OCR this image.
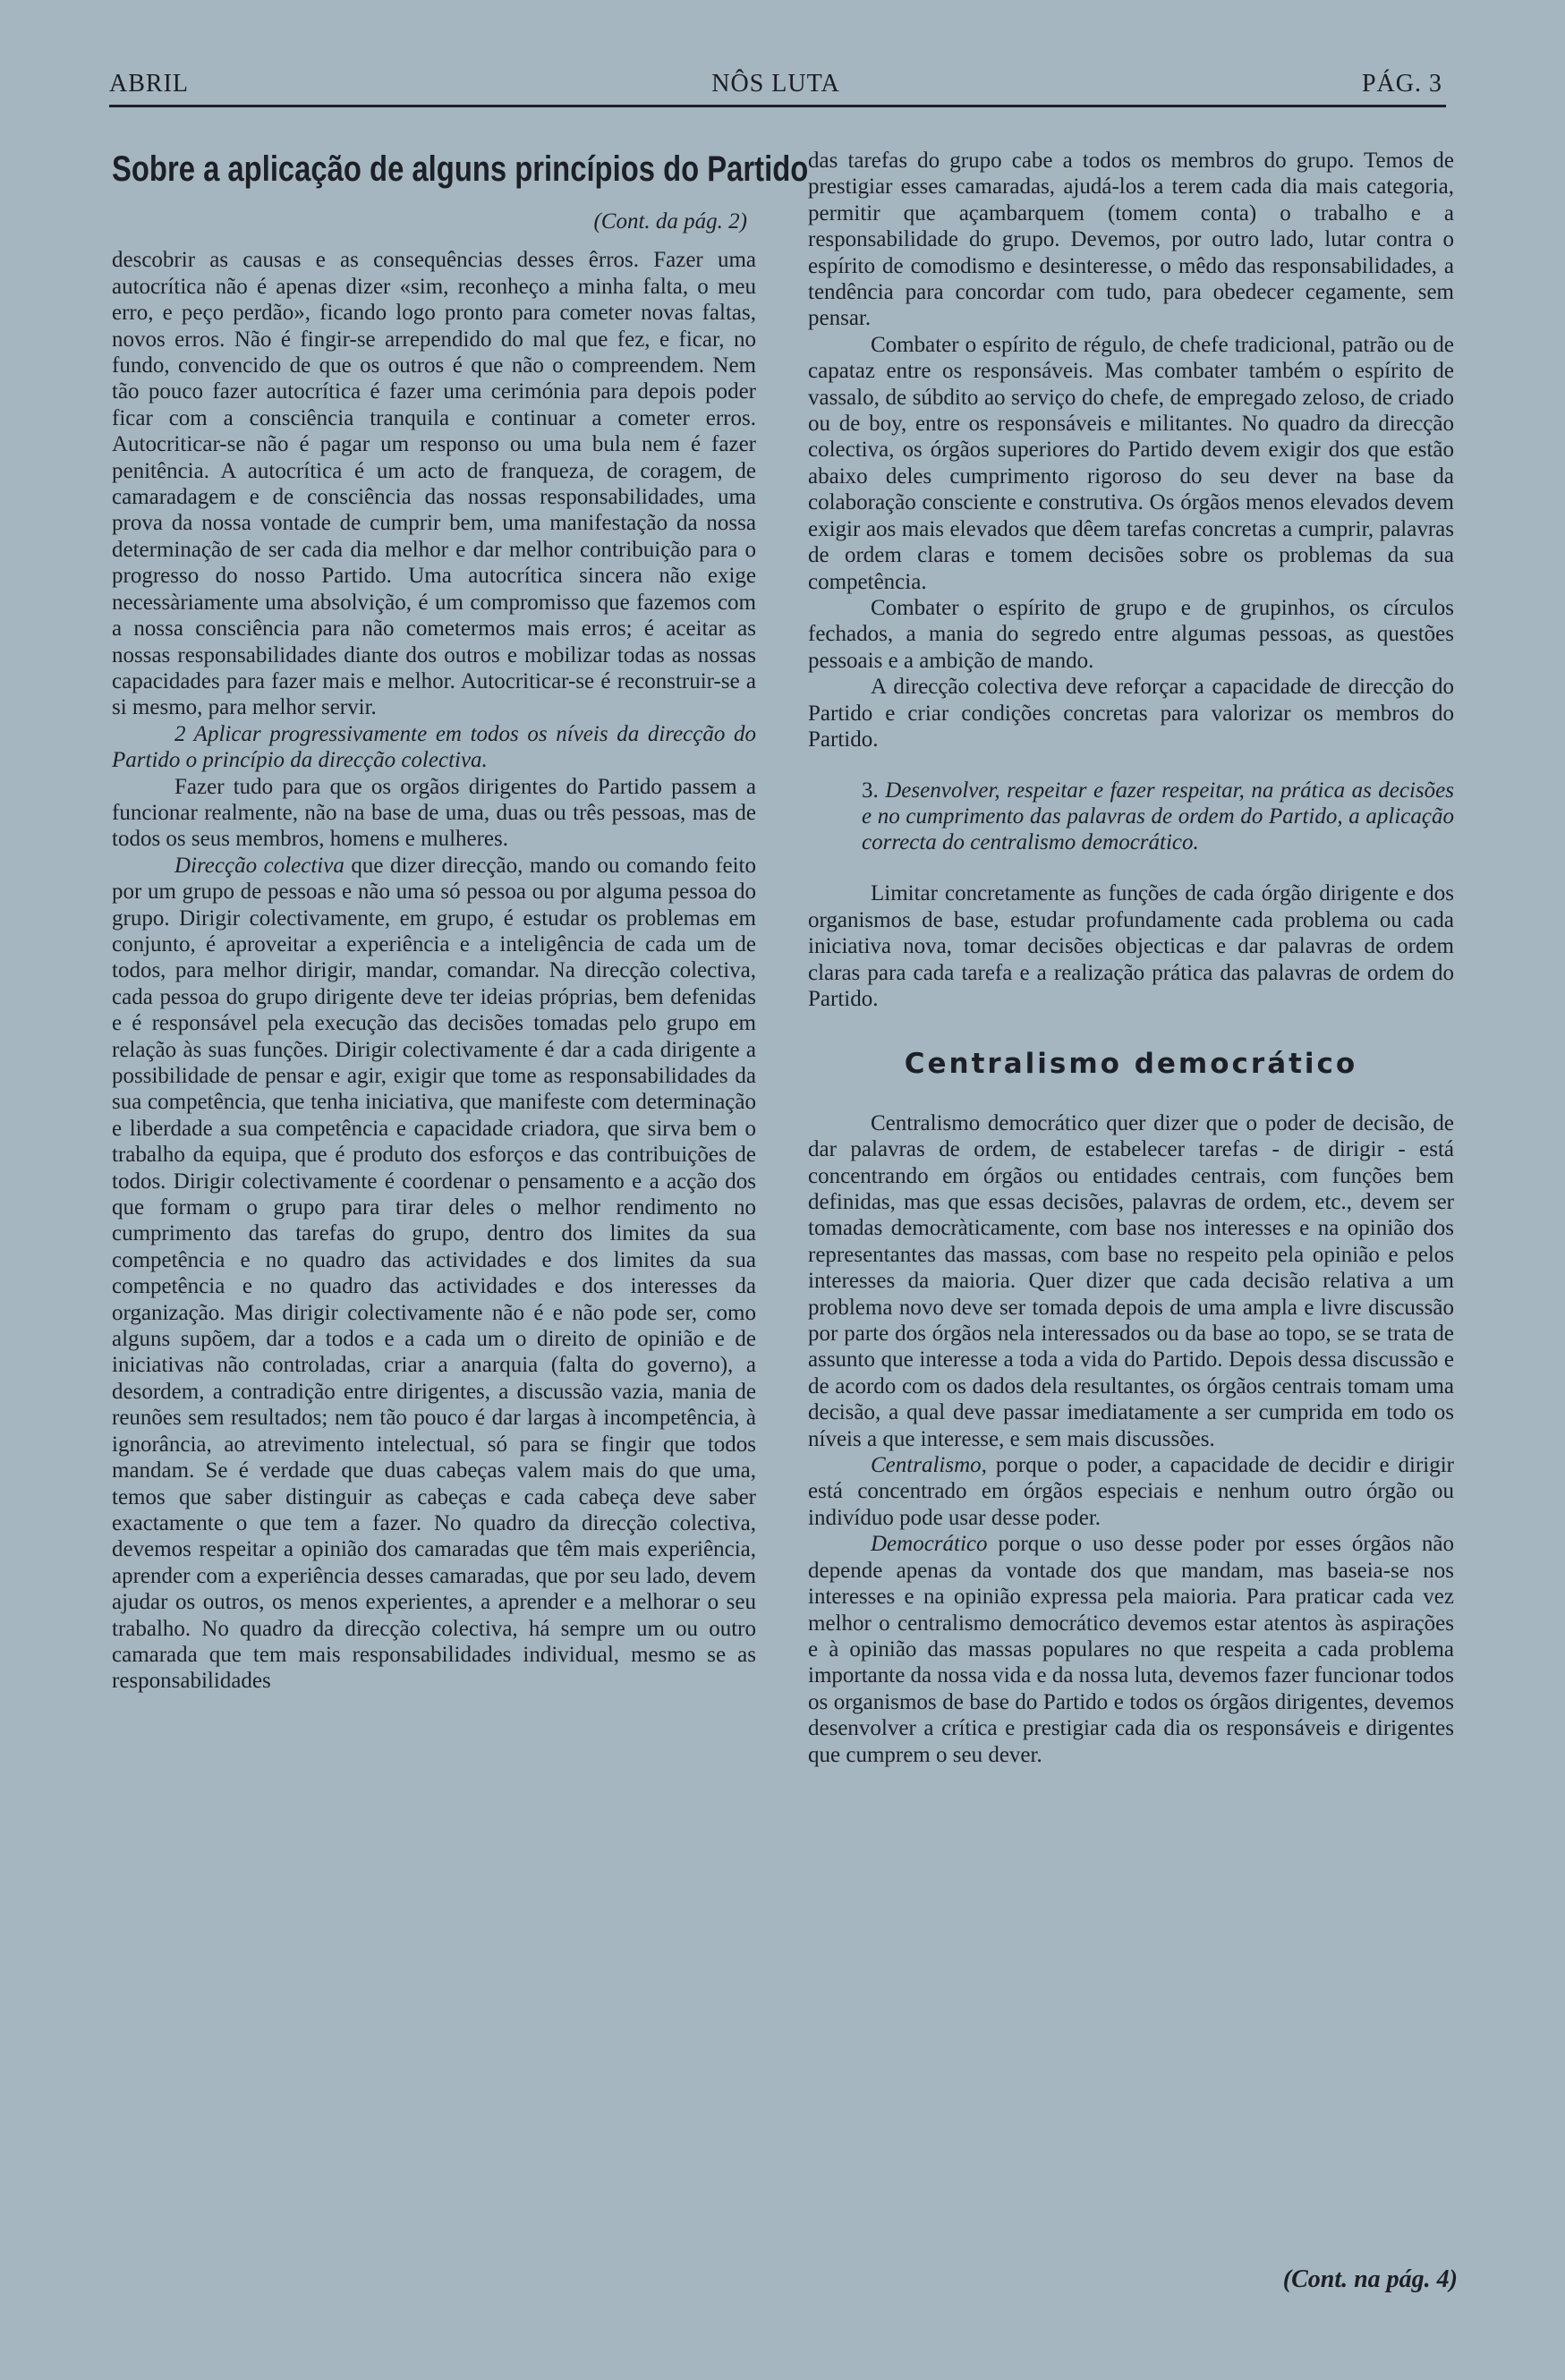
ABRIL	NÔS LUTA	PÁG. 3
Sobre a aplicação de alguns princípios do Partido

(Cont. da pág. 2)

descobrir as causas e as consequências desses êrros. Fazer uma autocrítica não é apenas dizer «sim, reconheço a minha falta, o meu erro, e peço perdão», ficando logo pronto para cometer novas faltas, novos erros. Não é fingir-se arrependido do mal que fez, e ficar, no fundo, convencido de que os outros é que não o compreendem. Nem tão pouco fazer autocrítica é fazer uma cerimónia para depois poder ficar com a consciência tranquila e continuar a cometer erros. Autocriticar-se não é pagar um responso ou uma bula nem é fazer penitência. A autocrítica é um acto de franqueza, de coragem, de camaradagem e de consciência das nossas responsabilidades, uma prova da nossa vontade de cumprir bem, uma manifestação da nossa determinação de ser cada dia melhor e dar melhor contribuição para o progresso do nosso Partido. Uma autocrítica sincera não exige necessàriamente uma absolvição, é um compromisso que fazemos com a nossa consciência para não cometermos mais erros; é aceitar as nossas responsabilidades diante dos outros e mobilizar todas as nossas capacidades para fazer mais e melhor. Autocriticar-se é reconstruir-se a si mesmo, para melhor servir.

2 Aplicar progressivamente em todos os níveis da direcção do Partido o princípio da direcção colectiva.

Fazer tudo para que os orgãos dirigentes do Partido passem a funcionar realmente, não na base de uma, duas ou três pessoas, mas de todos os seus membros, homens e mulheres.

Direcção colectiva que dizer direcção, mando ou comando feito por um grupo de pessoas e não uma só pessoa ou por alguma pessoa do grupo. Dirigir colectivamente, em grupo, é estudar os problemas em conjunto, é aproveitar a experiência e a inteligência de cada um de todos, para melhor dirigir, mandar, comandar. Na direcção colectiva, cada pessoa do grupo dirigente deve ter ideias próprias, bem defenidas e é responsável pela execução das decisões tomadas pelo grupo em relação às suas funções. Dirigir colectivamente é dar a cada dirigente a possibilidade de pensar e agir, exigir que tome as responsabilidades da sua competência, que tenha iniciativa, que manifeste com determinação e liberdade a sua competência e capacidade criadora, que sirva bem o trabalho da equipa, que é produto dos esforços e das contribuições de todos. Dirigir colectivamente é coordenar o pensamento e a acção dos que formam o grupo para tirar deles o melhor rendimento no cumprimento das tarefas do grupo, dentro dos limites da sua competência e no quadro das actividades e dos limites da sua competência e no quadro das actividades e dos interesses da organização. Mas dirigir colectivamente não é e não pode ser, como alguns supõem, dar a todos e a cada um o direito de opinião e de iniciativas não controladas, criar a anarquia (falta do governo), a desordem, a contradição entre dirigentes, a discussão vazia, mania de reunões sem resultados; nem tão pouco é dar largas à incompetência, à ignorância, ao atrevimento intelectual, só para se fingir que todos mandam. Se é verdade que duas cabeças valem mais do que uma, temos que saber distinguir as cabeças e cada cabeça deve saber exactamente o que tem a fazer. No quadro da direcção colectiva, devemos respeitar a opinião dos camaradas que têm mais experiência, aprender com a experiência desses camaradas, que por seu lado, devem ajudar os outros, os menos experientes, a aprender e a melhorar o seu trabalho. No quadro da direcção colectiva, há sempre um ou outro camarada que tem mais responsabilidades individual, mesmo se as responsabilidades

das tarefas do grupo cabe a todos os membros do grupo. Temos de prestigiar esses camaradas, ajudá-los a terem cada dia mais categoria, permitir que açambarquem (tomem conta) o trabalho e a responsabilidade do grupo. Devemos, por outro lado, lutar contra o espírito de comodismo e desinteresse, o mêdo das responsabilidades, a tendência para concordar com tudo, para obedecer cegamente, sem pensar.

Combater o espírito de régulo, de chefe tradicional, patrão ou de capataz entre os responsáveis. Mas combater também o espírito de vassalo, de súbdito ao serviço do chefe, de empregado zeloso, de criado ou de boy, entre os responsáveis e militantes. No quadro da direcção colectiva, os órgãos superiores do Partido devem exigir dos que estão abaixo deles cumprimento rigoroso do seu dever na base da colaboração consciente e construtiva. Os órgãos menos elevados devem exigir aos mais elevados que dêem tarefas concretas a cumprir, palavras de ordem claras e tomem decisões sobre os problemas da sua competência.

Combater o espírito de grupo e de grupinhos, os círculos fechados, a mania do segredo entre algumas pessoas, as questões pessoais e a ambição de mando.

A direcção colectiva deve reforçar a capacidade de direcção do Partido e criar condições concretas para valorizar os membros do Partido.

3. Desenvolver, respeitar e fazer respeitar, na prática as decisões e no cumprimento das palavras de ordem do Partido, a aplicação correcta do centralismo democrático.

Limitar concretamente as funções de cada órgão dirigente e dos organismos de base, estudar profundamente cada problema ou cada iniciativa nova, tomar decisões objecticas e dar palavras de ordem claras para cada tarefa e a realização prática das palavras de ordem do Partido.

Centralismo democrático

Centralismo democrático quer dizer que o poder de decisão, de dar palavras de ordem, de estabelecer tarefas - de dirigir - está concentrando em órgãos ou entidades centrais, com funções bem definidas, mas que essas decisões, palavras de ordem, etc., devem ser tomadas democràticamente, com base nos interesses e na opinião dos representantes das massas, com base no respeito pela opinião e pelos interesses da maioria. Quer dizer que cada decisão relativa a um problema novo deve ser tomada depois de uma ampla e livre discussão por parte dos órgãos nela interessados ou da base ao topo, se se trata de assunto que interesse a toda a vida do Partido. Depois dessa discussão e de acordo com os dados dela resultantes, os órgãos centrais tomam uma decisão, a qual deve passar imediatamente a ser cumprida em todo os níveis a que interesse, e sem mais discussões.

Centralismo, porque o poder, a capacidade de decidir e dirigir está concentrado em órgãos especiais e nenhum outro órgão ou indivíduo pode usar desse poder.

Democrático porque o uso desse poder por esses órgãos não depende apenas da vontade dos que mandam, mas baseia-se nos interesses e na opinião expressa pela maioria. Para praticar cada vez melhor o centralismo democrático devemos estar atentos às aspirações e à opinião das massas populares no que respeita a cada problema importante da nossa vida e da nossa luta, devemos fazer funcionar todos os organismos de base do Partido e todos os órgãos dirigentes, devemos desenvolver a crítica e prestigiar cada dia os responsáveis e dirigentes que cumprem o seu dever.

(Cont. na pág. 4)
